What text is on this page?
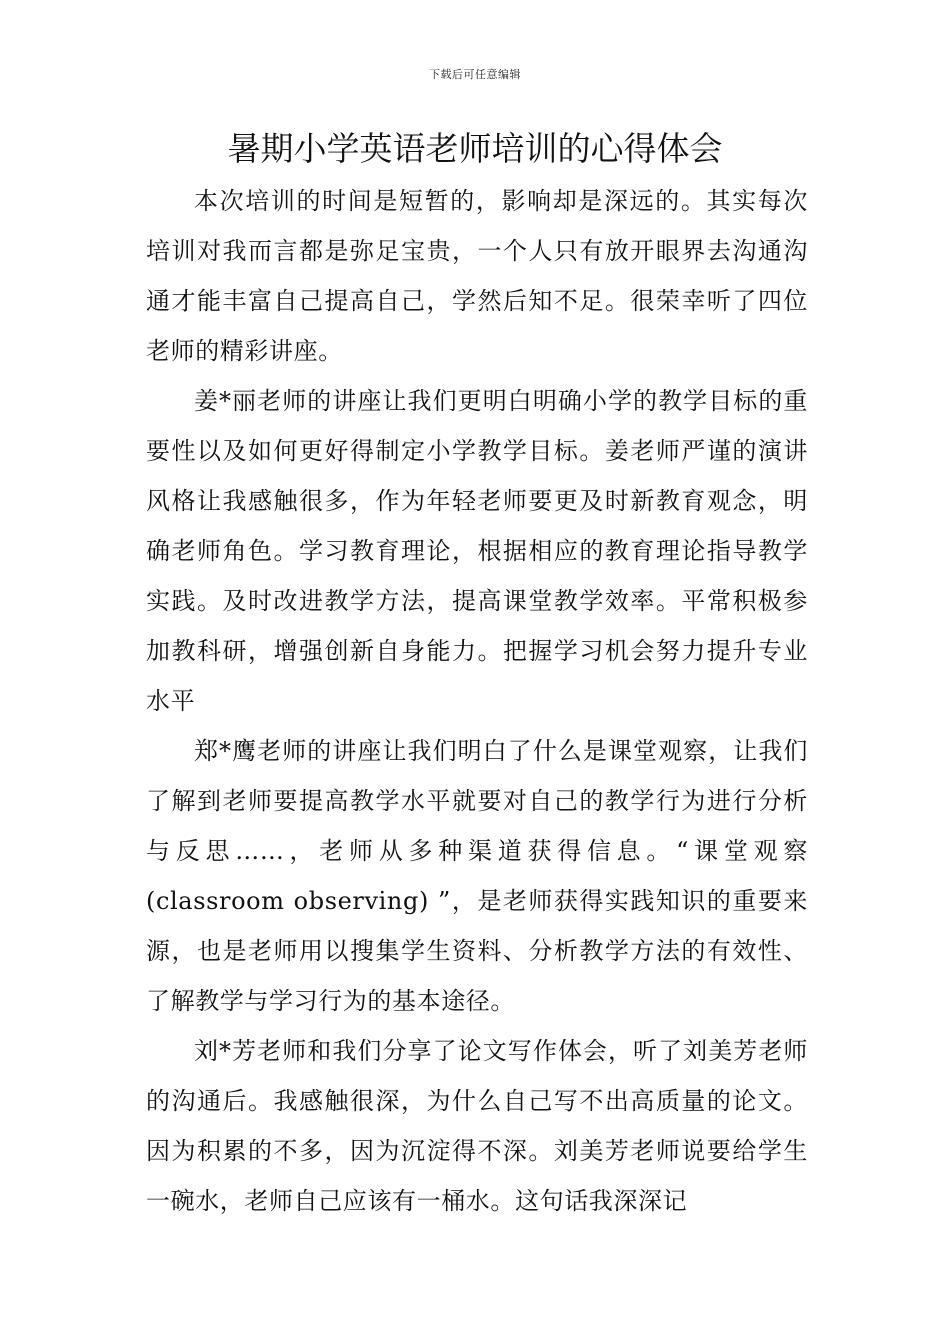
下载后可任意编辑
暑期小学英语老师培训的心得体会

本次培训的时间是短暂的，影响却是深远的。其实每次培训对我而言都是弥足宝贵，一个人只有放开眼界去沟通沟通才能丰富自己提高自己，学然后知不足。很荣幸听了四位老师的精彩讲座。

姜*丽老师的讲座让我们更明白明确小学的教学目标的重要性以及如何更好得制定小学教学目标。姜老师严谨的演讲风格让我感触很多，作为年轻老师要更及时新教育观念，明确老师角色。学习教育理论，根据相应的教育理论指导教学实践。及时改进教学方法，提高课堂教学效率。平常积极参加教科研，增强创新自身能力。把握学习机会努力提升专业水平

郑*鹰老师的讲座让我们明白了什么是课堂观察，让我们了解到老师要提高教学水平就要对自己的教学行为进行分析与反思……，老师从多种渠道获得信息。“课堂观察(classroom observing) ”，是老师获得实践知识的重要来源，也是老师用以搜集学生资料、分析教学方法的有效性、了解教学与学习行为的基本途径。

刘*芳老师和我们分享了论文写作体会，听了刘美芳老师的沟通后。我感触很深，为什么自己写不出高质量的论文。因为积累的不多，因为沉淀得不深。刘美芳老师说要给学生一碗水，老师自己应该有一桶水。这句话我深深记
